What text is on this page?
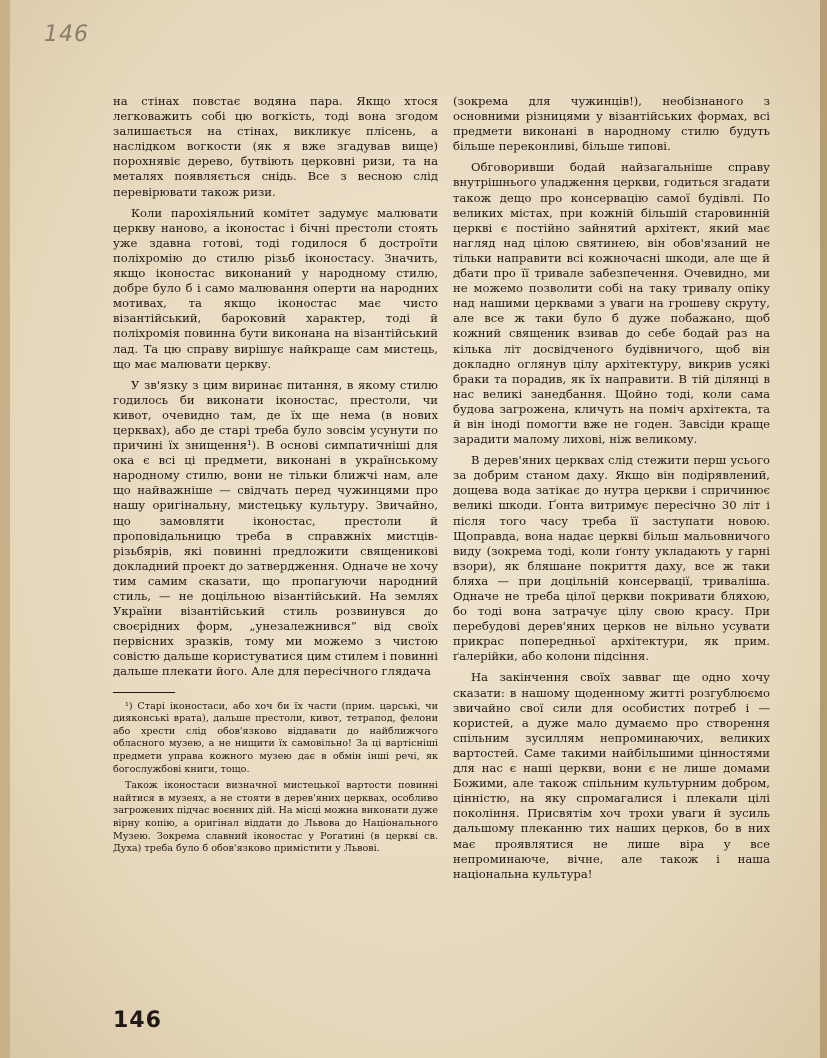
146

на стінах повстає водяна пара. Якщо хтося легковажить собі цю вогкість, тоді вона згодом залишається на стінах, викликує плісень, а наслідком вогкости (як я вже згадував вище) порохнявіє дерево, бутвіють церковні ризи, та на металях появляється снідь. Все з весною слід перевірювати також ризи.

Коли парохіяльний комітет задумує малювати церкву наново, а іконостас і бічні престоли стоять уже здавна готові, тоді годилося б дострoїти поліхромію до стилю різьб іконостасу. Значить, якщо іконостас виконаний у народному стилю, добре було б і само малювання оперти на народних мотивах, та якщо іконостас має чисто візантійський, бароковий характер, тоді й поліхромія повинна бути виконана на візантійський лад. Та цю справу вирішує найкраще сам мистець, що має малювати церкву.

У зв'язку з цим виринає питання, в якому стилю годилось би виконати іконостас, престоли, чи кивот, очевидно там, де їх ще нема (в нових церквах), або де старі треба було зовсім усунути по причині їх знищення¹). В основі симпатичніші для ока є всі ці предмети, виконані в українському народному стилю, вони не тільки ближчі нам, але що найважніше — свідчать перед чужинцями про нашу оригінальну, мистецьку культуру. Звичайно, що замовляти іконостас, престоли й проповідальницю треба в справжніх мистців-різьбярів, які повинні предложити священикові докладний проект до затвердження. Одначе не хочу тим самим сказати, що пропагуючи народний стиль, — не доцільною візантійський. На землях України візантійський стиль розвинувся до своєрідних форм, „унезалежнився” від своїх первісних зразків, тому ми можемо з чистою совістю дальше користуватися цим стилем і повинні дальше плекати його. Але для пересічного глядача

¹) Старі іконостаси, або хоч би їх части (прим. царські, чи дияконські врата), дальше престоли, кивот, тетрапод, фелони або хрести слід обов'язково віддавати до найближчого обласного музею, а не нищити їх самовільно! За ці вартісніші предмети управа кожного музею дає в обмін інші речі, як богослужбові книги, тощо.

Також іконостаси визначної мистецької вартости повинні найтися в музеях, а не стояти в дерев'яних церквах, особливо загрожених підчас воєнних дій. На місці можна виконати дуже вірну копію, а оригінал віддати до Львова до Національного Музею. Зокрема славний іконостас у Рогатині (в церкві св. Духа) треба було б обов'язково примістити у Львові.

(зокрема для чужинців!), необізнаного з основними різницями у візантійських формах, всі предмети виконані в народному стилю будуть більше переконливі, більше типові.

Обговоривши бодай найзагальніше справу внутрішнього уладження церкви, годиться згадати також дещо про консервацію самої будівлі. По великих містах, при кожній більшій старовинній церкві є постійно зайнятий архітект, який має нагляд над цілою святинею, він обов'язаний не тільки направити всі кожночасні шкоди, але ще й дбати про її тривале забезпечення. Очевидно, ми не можемо позволити собі на таку тривалу опіку над нашими церквами з уваги на грошеву скруту, але все ж таки було б дуже побажано, щоб кожний священик взивав до себе бодай раз на кілька літ досвідченого будівничого, щоб він докладно оглянув цілу архітектуру, викрив усякі браки та порадив, як їх направити. В тій ділянці в нас великі занедбання. Щойно тоді, коли сама будова загрожена, кличуть на поміч архітекта, та й він іноді помогти вже не годен. Завсіди краще зарадити малому лихові, ніж великому.

В дерев'яних церквах слід стежити перш усього за добрим станом даху. Якщо він подірявлений, дощева вода затікає до нутра церкви і спричинює великі шкоди. Ґонта витримує пересічно 30 літ і після того часу треба її заступати новою. Щоправда, вона надає церкві більш мальовничого виду (зокрема тоді, коли ґонту укладають у гарні взори), як бляшане покриття даху, все ж таки бляха — при доцільній консервації, триваліша. Одначе не треба цілої церкви покривати бляхою, бо тоді вона затрачує цілу свою красу. При перебудові дерев'яних церков не вільно усувати прикрас попередньої архітектури, як прим. ґалерійки, або колони підсіння.

На закінчення своїх завваг ще одно хочу сказати: в нашому щоденному житті розгублюємо звичайно свої сили для особистих потреб і — користей, а дуже мало думаємо про створення спільним зусиллям непроминаючих, великих вартостей. Саме такими найбільшими цінностями для нас є наші церкви, вони є не лише домами Божими, але також спільним культурним добром, цінністю, на яку спромагалися і плекали цілі покоління. Присвятім хоч трохи уваги й зусиль дальшому плеканню тих наших церков, бо в них має проявлятися не лише віра у все непроминаюче, вічне, але також і наша національна культура!

146
